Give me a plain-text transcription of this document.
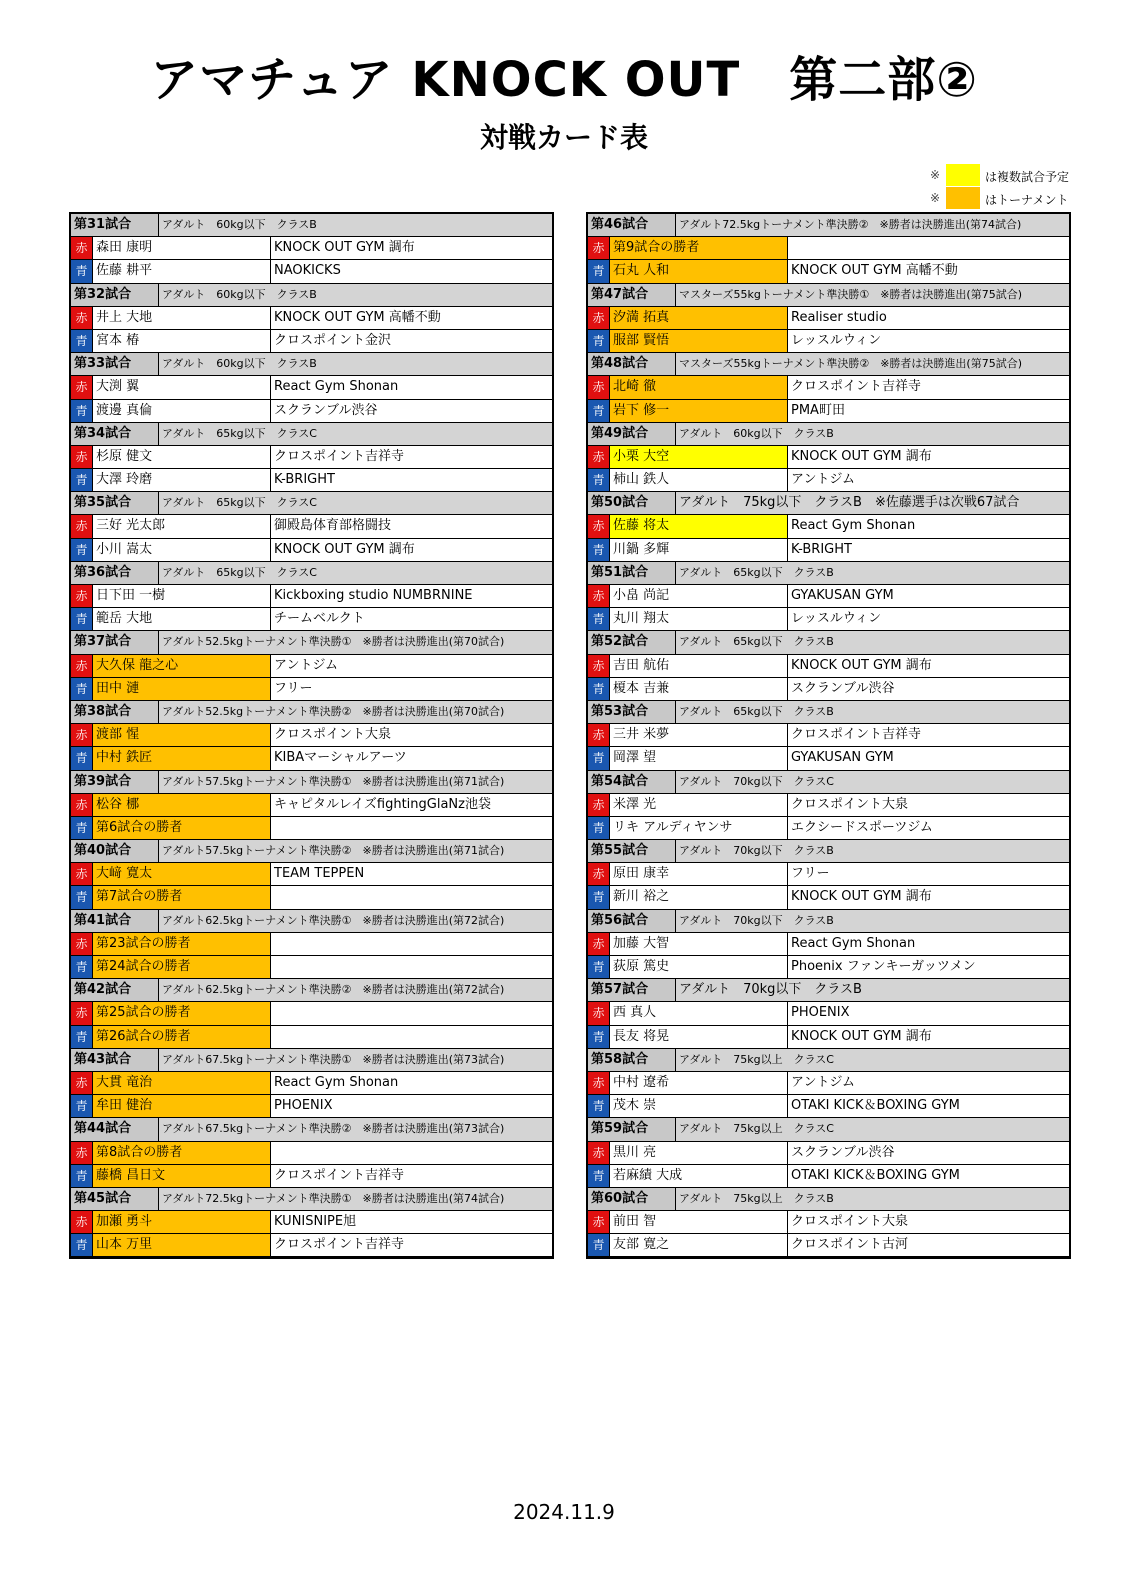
アマチュア KNOCK OUT　第二部②
対戦カード表
※	は複数試合予定
※	はトーナメント
第31試合	アダルト　60kg以下　クラスB
赤 森田 康明	KNOCK OUT GYM 調布
青 佐藤 耕平	NAOKICKS
第32試合	アダルト　60kg以下　クラスB
赤 井上 大地	KNOCK OUT GYM 高幡不動
青 宮本 椿	クロスポイント金沢
第33試合	アダルト　60kg以下　クラスB
赤 大渕 翼	React Gym Shonan
青 渡邊 真倫	スクランブル渋谷
第34試合	アダルト　65kg以下　クラスC
赤 杉原 健文	クロスポイント吉祥寺
青 大澤 玲磨	K-BRIGHT
第35試合	アダルト　65kg以下　クラスC
赤 三好 光太郎	御殿島体育部格闘技
青 小川 嵩太	KNOCK OUT GYM 調布
第36試合	アダルト　65kg以下　クラスC
赤 日下田 一樹	Kickboxing studio NUMBRNINE
青 範岳 大地	チームベルクト
第37試合	アダルト52.5kgトーナメント準決勝①　※勝者は決勝進出(第70試合)
赤 大久保 龍之心	アントジム
青 田中 漣	フリー
第38試合	アダルト52.5kgトーナメント準決勝②　※勝者は決勝進出(第70試合)
赤 渡部 惺	クロスポイント大泉
青 中村 鉄匠	KIBAマーシャルアーツ
第39試合	アダルト57.5kgトーナメント準決勝①　※勝者は決勝進出(第71試合)
赤 松谷 梛	キャピタルレイズfightingGlaNz池袋
青 第6試合の勝者
第40試合	アダルト57.5kgトーナメント準決勝②　※勝者は決勝進出(第71試合)
赤 大﨑 寛太	TEAM TEPPEN
青 第7試合の勝者
第41試合	アダルト62.5kgトーナメント準決勝①　※勝者は決勝進出(第72試合)
赤 第23試合の勝者
青 第24試合の勝者
第42試合	アダルト62.5kgトーナメント準決勝②　※勝者は決勝進出(第72試合)
赤 第25試合の勝者
青 第26試合の勝者
第43試合	アダルト67.5kgトーナメント準決勝①　※勝者は決勝進出(第73試合)
赤 大貫 竜治	React Gym Shonan
青 牟田 健治	PHOENIX
第44試合	アダルト67.5kgトーナメント準決勝②　※勝者は決勝進出(第73試合)
赤 第8試合の勝者
青 藤橋 昌日文	クロスポイント吉祥寺
第45試合	アダルト72.5kgトーナメント準決勝①　※勝者は決勝進出(第74試合)
赤 加瀬 勇斗	KUNISNIPE旭
青 山本 万里	クロスポイント吉祥寺
第46試合	アダルト72.5kgトーナメント準決勝②　※勝者は決勝進出(第74試合)
赤 第9試合の勝者
青 石丸 人和	KNOCK OUT GYM 高幡不動
第47試合	マスターズ55kgトーナメント準決勝①　※勝者は決勝進出(第75試合)
赤 汐満 拓真	Realiser studio
青 服部 賢悟	レッスルウィン
第48試合	マスターズ55kgトーナメント準決勝②　※勝者は決勝進出(第75試合)
赤 北崎 徹	クロスポイント吉祥寺
青 岩下 修一	PMA町田
第49試合	アダルト　60kg以下　クラスB
赤 小栗 大空	KNOCK OUT GYM 調布
青 柿山 鉄人	アントジム
第50試合	アダルト　75kg以下　クラスB　※佐藤選手は次戦67試合
赤 佐藤 将太	React Gym Shonan
青 川鍋 多輝	K-BRIGHT
第51試合	アダルト　65kg以下　クラスB
赤 小畠 尚記	GYAKUSAN GYM
青 丸川 翔太	レッスルウィン
第52試合	アダルト　65kg以下　クラスB
赤 吉田 航佑	KNOCK OUT GYM 調布
青 榎本 吉兼	スクランブル渋谷
第53試合	アダルト　65kg以下　クラスB
赤 三井 米夢	クロスポイント吉祥寺
青 岡澤 望	GYAKUSAN GYM
第54試合	アダルト　70kg以下　クラスC
赤 米澤 光	クロスポイント大泉
青 リキ アルディヤンサ	エクシードスポーツジム
第55試合	アダルト　70kg以下　クラスB
赤 原田 康幸	フリー
青 新川 裕之	KNOCK OUT GYM 調布
第56試合	アダルト　70kg以下　クラスB
赤 加藤 大智	React Gym Shonan
青 荻原 篤史	Phoenix ファンキーガッツメン
第57試合	アダルト　70kg以下　クラスB
赤 西 真人	PHOENIX
青 長友 将晃	KNOCK OUT GYM 調布
第58試合	アダルト　75kg以上　クラスC
赤 中村 遼希	アントジム
青 茂木 崇	OTAKI KICK＆BOXING GYM
第59試合	アダルト　75kg以上　クラスC
赤 黒川 亮	スクランブル渋谷
青 若麻績 大成	OTAKI KICK＆BOXING GYM
第60試合	アダルト　75kg以上　クラスB
赤 前田 智	クロスポイント大泉
青 友部 寛之	クロスポイント古河
2024.11.9
